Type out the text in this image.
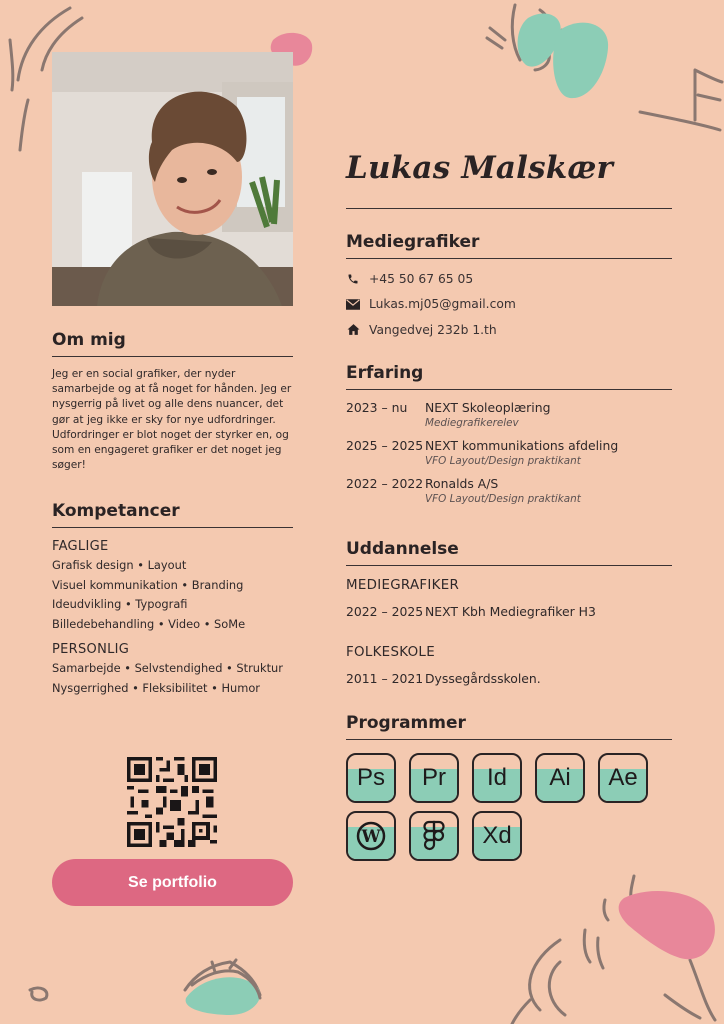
Om mig

Jeg er en social grafiker, der nyder samarbejde og at få noget for hånden. Jeg er nysgerrig på livet og alle dens nuancer, det gør at jeg ikke er sky for nye udfordringer. Udfordringer er blot noget der styrker en, og som en engageret grafiker er det noget jeg søger!

Kompetancer
FAGLIGE
Grafisk design • Layout
Visuel kommunikation • Branding
Ideudvikling • Typografi
Billedebehandling • Video • SoMe
PERSONLIG
Samarbejde • Selvstendighed • Struktur
Nysgerrighed • Fleksibilitet • Humor
Se portfolio
Lukas Malskær
Mediegrafiker
+45 50 67 65 05
Lukas.mj05@gmail.com
Vangedvej 232b 1.th
Erfaring
2023 – nu	NEXT Skoleoplæring
Mediegrafikerelev
2025 – 2025 NEXT kommunikations afdeling
VFO Layout/Design praktikant
2022 – 2022 Ronalds A/S
VFO Layout/Design praktikant
Uddannelse
MEDIEGRAFIKER
2022 – 2025 NEXT Kbh Mediegrafiker H3
FOLKESKOLE
2011 – 2021 Dyssegårdsskolen.
Programmer
Ps Pr Id Ai Ae
W	Xd
